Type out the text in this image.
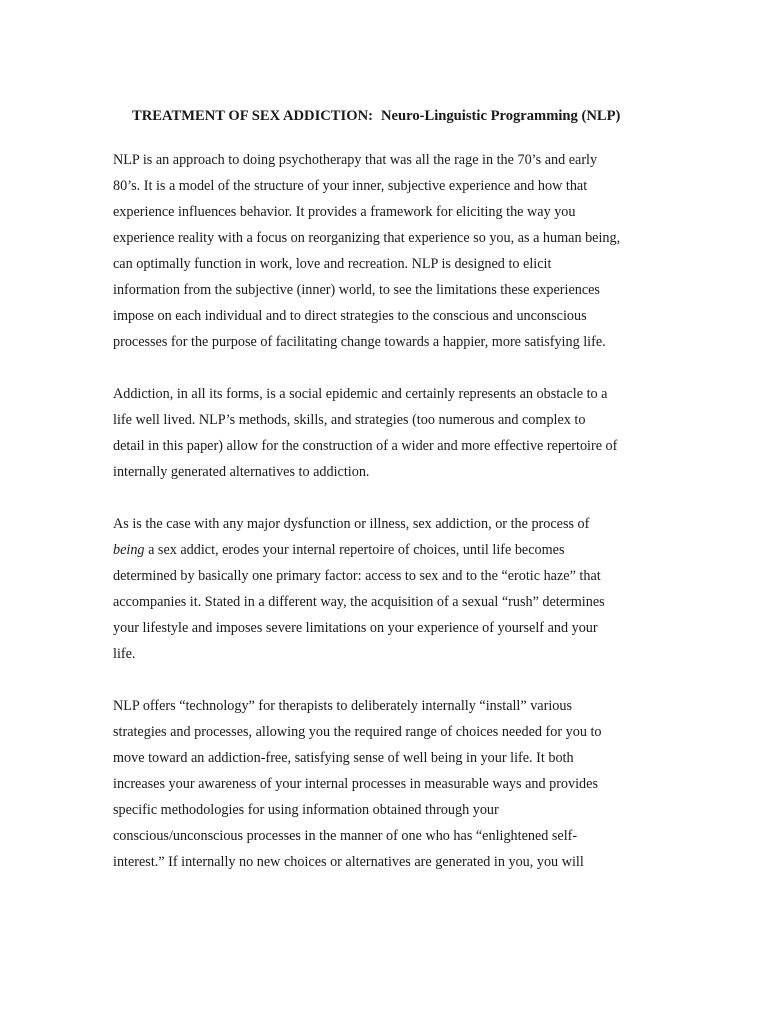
TREATMENT OF SEX ADDICTION: Neuro-Linguistic Programming (NLP)
NLP is an approach to doing psychotherapy that was all the rage in the 70’s and early
80’s. It is a model of the structure of your inner, subjective experience and how that
experience influences behavior. It provides a framework for eliciting the way you
experience reality with a focus on reorganizing that experience so you, as a human being,
can optimally function in work, love and recreation. NLP is designed to elicit
information from the subjective (inner) world, to see the limitations these experiences
impose on each individual and to direct strategies to the conscious and unconscious
processes for the purpose of facilitating change towards a happier, more satisfying life.
Addiction, in all its forms, is a social epidemic and certainly represents an obstacle to a
life well lived. NLP’s methods, skills, and strategies (too numerous and complex to
detail in this paper) allow for the construction of a wider and more effective repertoire of
internally generated alternatives to addiction.
As is the case with any major dysfunction or illness, sex addiction, or the process of
being a sex addict, erodes your internal repertoire of choices, until life becomes
determined by basically one primary factor: access to sex and to the “erotic haze” that
accompanies it. Stated in a different way, the acquisition of a sexual “rush” determines
your lifestyle and imposes severe limitations on your experience of yourself and your
life.
NLP offers “technology” for therapists to deliberately internally “install” various
strategies and processes, allowing you the required range of choices needed for you to
move toward an addiction-free, satisfying sense of well being in your life. It both
increases your awareness of your internal processes in measurable ways and provides
specific methodologies for using information obtained through your
conscious/unconscious processes in the manner of one who has “enlightened self-
interest.” If internally no new choices or alternatives are generated in you, you will
